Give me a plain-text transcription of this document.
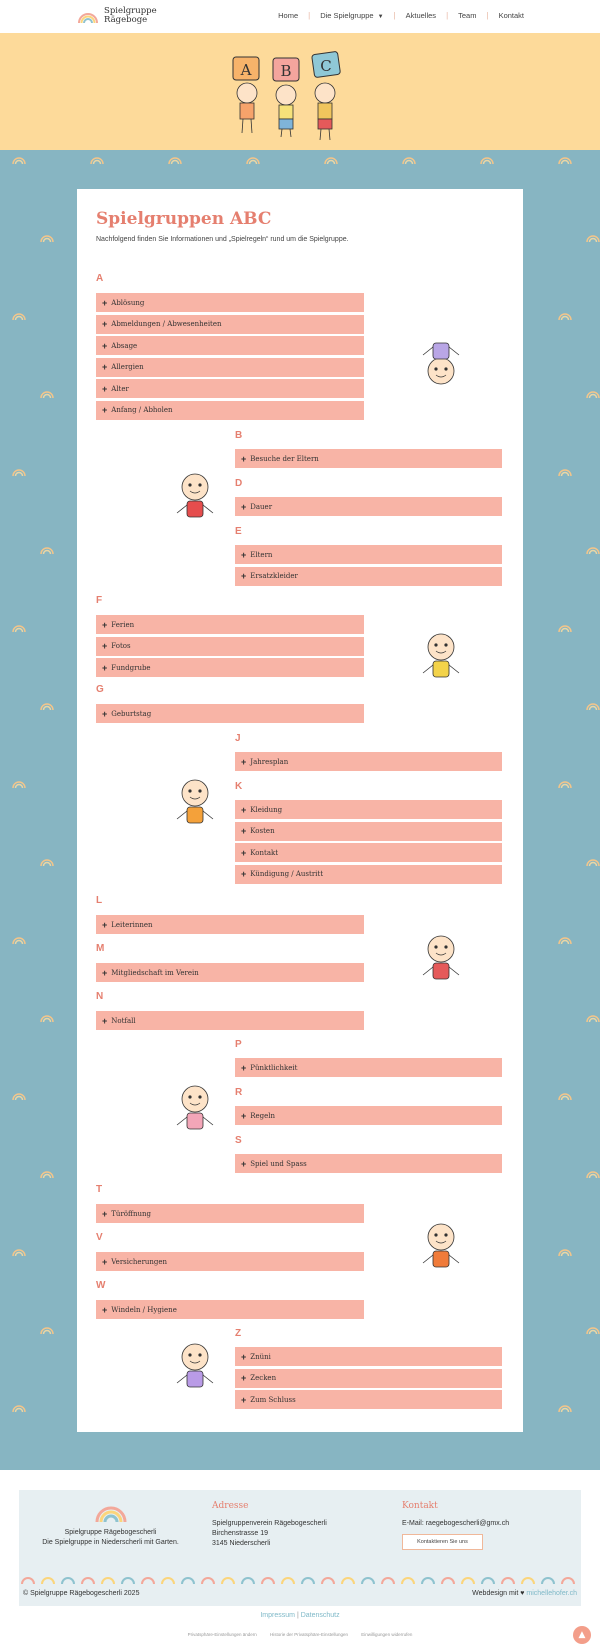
Spielgruppe
Rägeboge	Home | Die Spielgruppe ▼ | Aktuelles | Team | Kontakt
A B C
Spielgruppen ABC

Nachfolgend finden Sie Informationen und „Spielregeln“ rund um die Spielgruppe.

A
+ Ablösung
+ Abmeldungen / Abwesenheiten
+ Absage
+ Allergien
+ Alter
+ Anfang / Abholen
B
+ Besuche der Eltern
D
+ Dauer
E
+ Eltern
+ Ersatzkleider
F
+ Ferien
+ Fotos
+ Fundgrube
G
+ Geburtstag
J
+ Jahresplan
K
+ Kleidung
+ Kosten
+ Kontakt
+ Kündigung / Austritt
L
+ Leiterinnen
M
+ Mitgliedschaft im Verein
N
+ Notfall
P
+ Pünktlichkeit
R
+ Regeln
S
+ Spiel und Spass
T
+ Türöffnung
V
+ Versicherungen
W
+ Windeln / Hygiene
Z
+ Znüni
+ Zecken
+ Zum Schluss
Spielgruppe Rägebogescherli
Die Spielgruppe in Niederscherli mit Garten.
Adresse
Spielgruppenverein Rägebogescherli
Birchenstrasse 19
3145 Niederscherli
Kontakt
E-Mail: raegebogescherli@gmx.ch
Kontaktieren Sie uns
© Spielgruppe Rägebogescherli 2025	Webdesign mit ♥ michellehofer.ch
Impressum | Datenschutz
Privatsphäre-Einstellungen ändern	Historie der Privatsphäre-Einstellungen	Einwilligungen widerrufen	▲
